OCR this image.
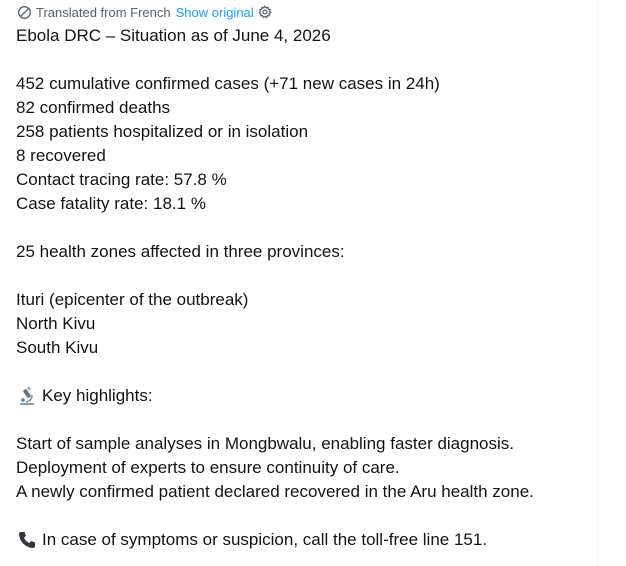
Translated from French Show original
Ebola DRC – Situation as of June 4, 2026
452 cumulative confirmed cases (+71 new cases in 24h)
82 confirmed deaths
258 patients hospitalized or in isolation
8 recovered
Contact tracing rate: 57.8 %
Case fatality rate: 18.1 %
25 health zones affected in three provinces:
Ituri (epicenter of the outbreak)
North Kivu
South Kivu
Key highlights:
Start of sample analyses in Mongbwalu, enabling faster diagnosis.
Deployment of experts to ensure continuity of care.
A newly confirmed patient declared recovered in the Aru health zone.
In case of symptoms or suspicion, call the toll-free line 151.
